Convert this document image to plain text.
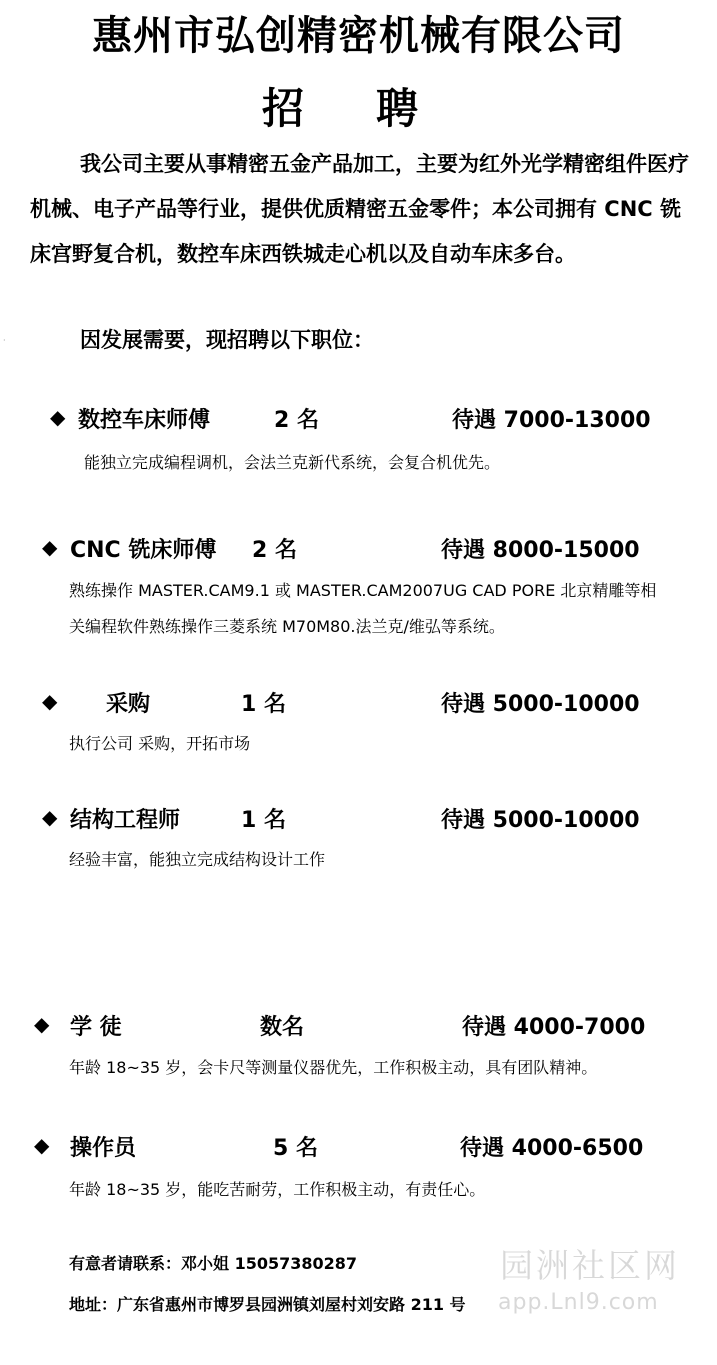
惠州市弘创精密机械有限公司
招聘
我公司主要从事精密五金产品加工，主要为红外光学精密组件医疗机械、电子产品等行业，提供优质精密五金零件；本公司拥有 CNC 铣床宫野复合机，数控车床西铁城走心机以及自动车床多台。
·	因发展需要，现招聘以下职位：
◆ 数控车床师傅	2 名	待遇 7000-13000
能独立完成编程调机，会法兰克新代系统，会复合机优先。
◆ CNC 铣床师傅 2 名	待遇 8000-15000
熟练操作 MASTER.CAM9.1 或 MASTER.CAM2007UG CAD PORE 北京精雕等相
关编程软件熟练操作三菱系统 M70M80.法兰克/维弘等系统。
◆ 采购	1 名	待遇 5000-10000
执行公司 采购，开拓市场
◆ 结构工程师	1 名	待遇 5000-10000
经验丰富，能独立完成结构设计工作
◆ 学 徒	数名	待遇 4000-7000
年龄 18~35 岁，会卡尺等测量仪器优先，工作积极主动，具有团队精神。
◆ 操作员	5 名	待遇 4000-6500
年龄 18~35 岁，能吃苦耐劳，工作积极主动，有责任心。
有意者请联系：邓小姐 15057380287
地址：广东省惠州市博罗县园洲镇刘屋村刘安路 211 号
园洲社区网
app.Lnl9.com
